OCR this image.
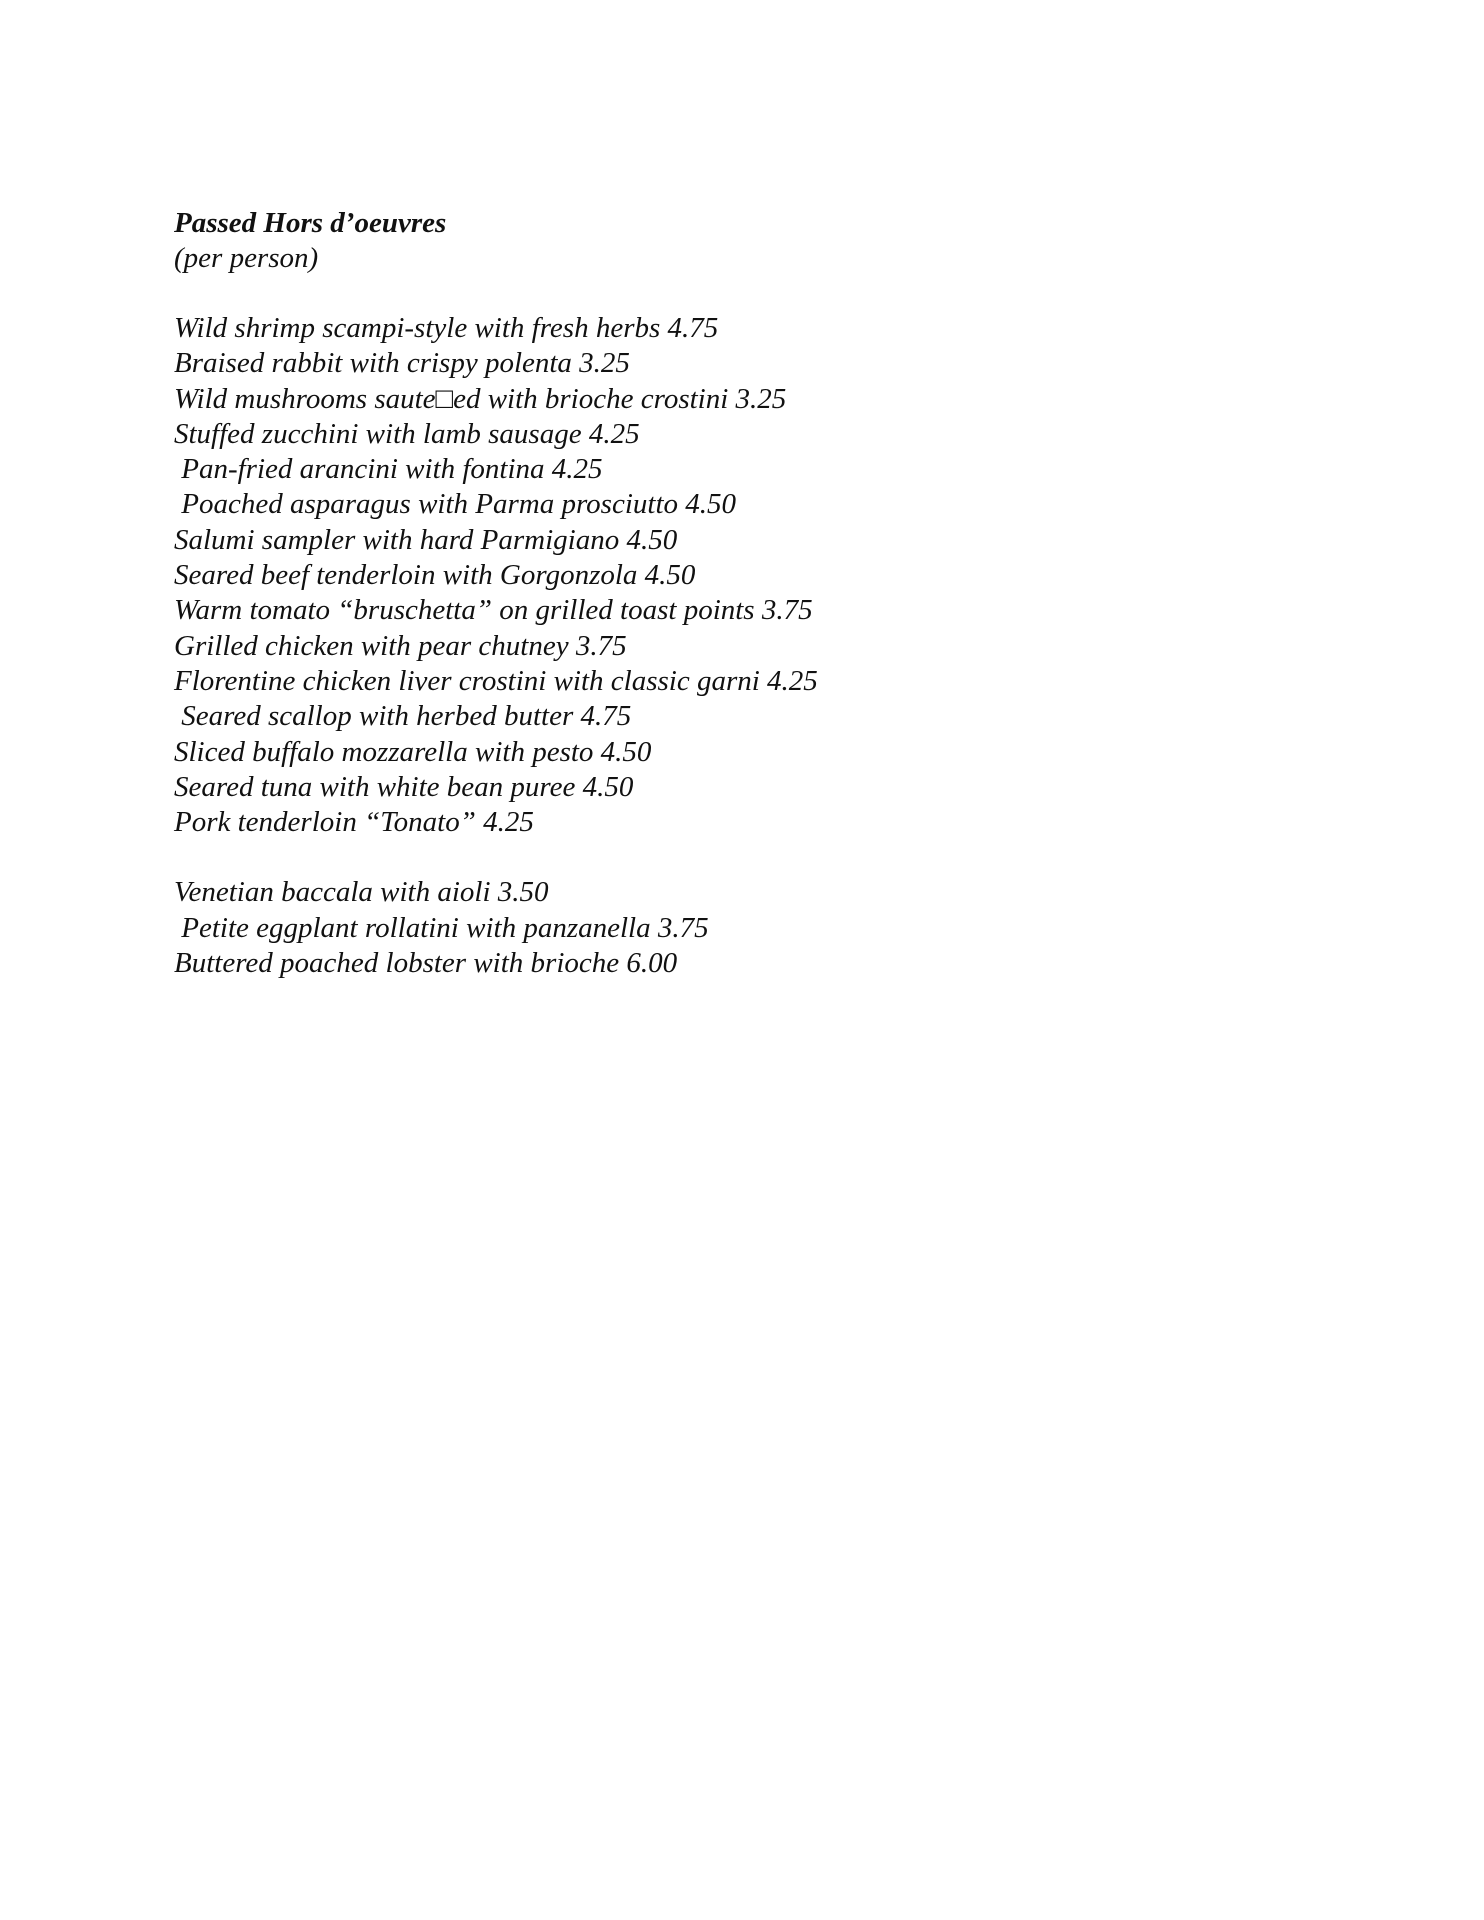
Passed Hors d’oeuvres
(per person)
Wild shrimp scampi-style with fresh herbs 4.75
Braised rabbit with crispy polenta 3.25
Wild mushrooms saute□ed with brioche crostini 3.25
Stuffed zucchini with lamb sausage 4.25
Pan-fried arancini with fontina 4.25
Poached asparagus with Parma prosciutto 4.50
Salumi sampler with hard Parmigiano 4.50
Seared beef tenderloin with Gorgonzola 4.50
Warm tomato “bruschetta” on grilled toast points 3.75
Grilled chicken with pear chutney 3.75
Florentine chicken liver crostini with classic garni 4.25
Seared scallop with herbed butter 4.75
Sliced buffalo mozzarella with pesto 4.50
Seared tuna with white bean puree 4.50
Pork tenderloin “Tonato” 4.25
Venetian baccala with aioli 3.50
Petite eggplant rollatini with panzanella 3.75
Buttered poached lobster with brioche 6.00
